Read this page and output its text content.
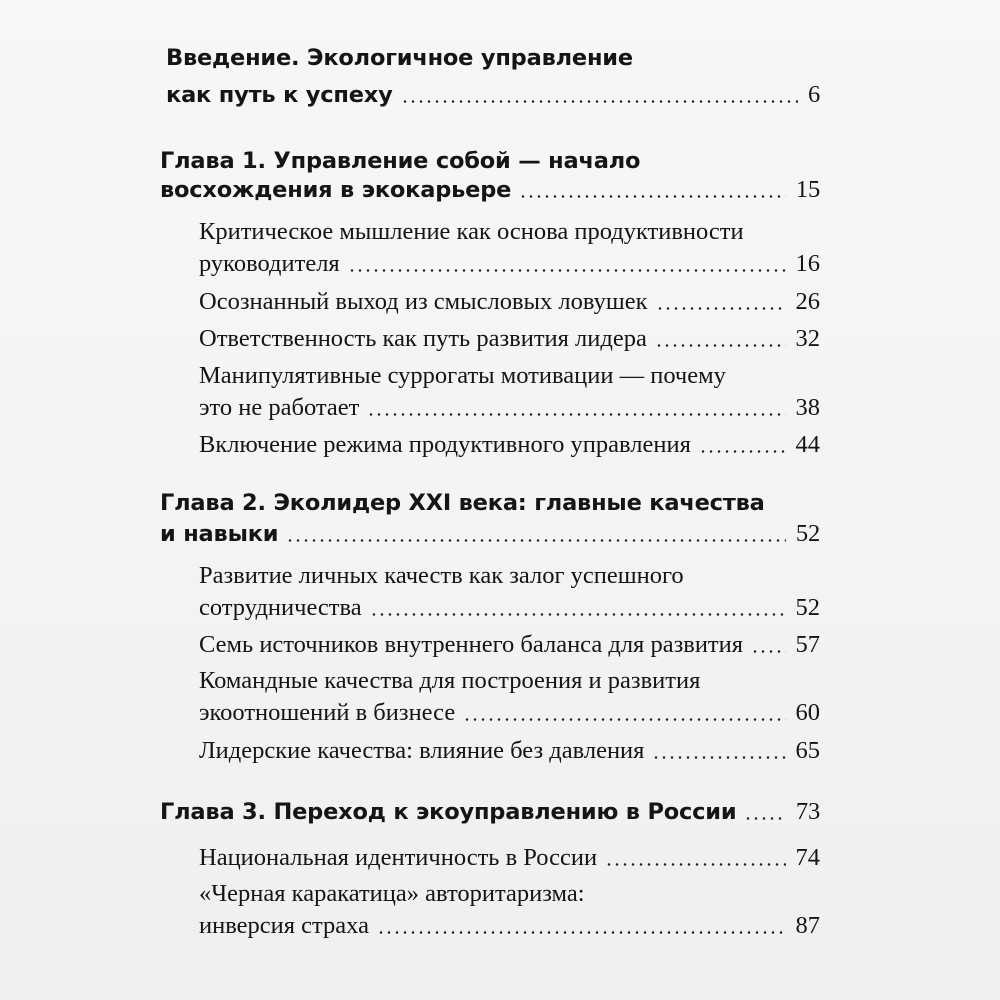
Введение. Экологичное управление
как путь к успеху	6
Глава 1. Управление собой — начало
восхождения в экокарьере	15
Критическое мышление как основа продуктивности
руководителя	16
Осознанный выход из смысловых ловушек	26
Ответственность как путь развития лидера	32
Манипулятивные суррогаты мотивации — почему
это не работает	38
Включение режима продуктивного управления	44
Глава 2. Эколидер XXI века: главные качества
и навыки	52
Развитие личных качеств как залог успешного
сотрудничества	52
Семь источников внутреннего баланса для развития 57
Командные качества для построения и развития
экоотношений в бизнесе	60
Лидерские качества: влияние без давления	65
Глава 3. Переход к экоуправлению в России 73
Национальная идентичность в России	74
«Черная каракатица» авторитаризма:
инверсия страха	87
